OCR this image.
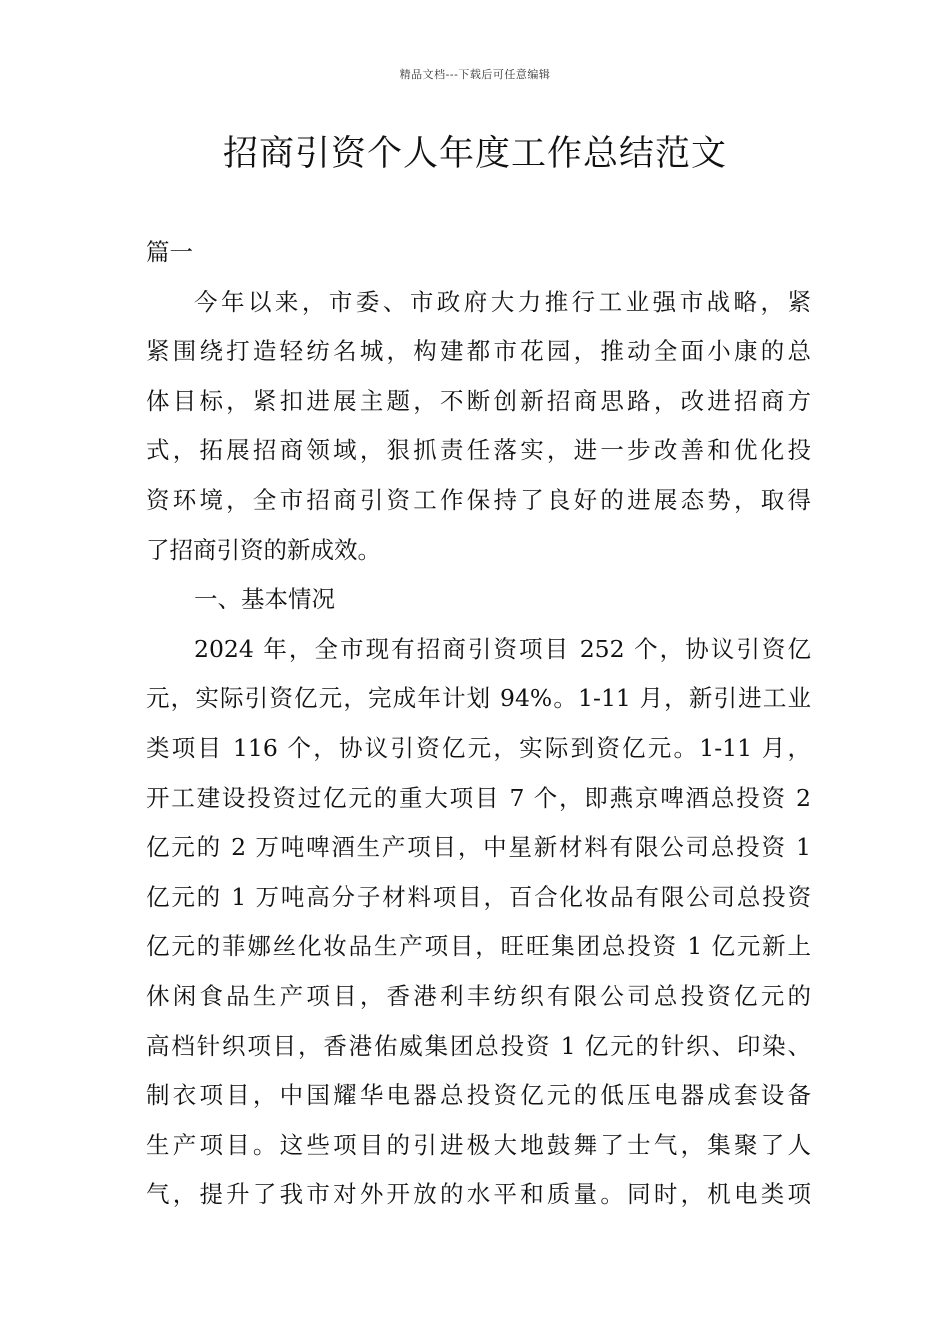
精品文档---下载后可任意编辑
招商引资个人年度工作总结范文
篇一
今年以来，市委、市政府大力推行工业强市战略，紧
紧围绕打造轻纺名城，构建都市花园，推动全面小康的总
体目标，紧扣进展主题，不断创新招商思路，改进招商方
式，拓展招商领域，狠抓责任落实，进一步改善和优化投
资环境，全市招商引资工作保持了良好的进展态势，取得
了招商引资的新成效。
一、基本情况
2024 年，全市现有招商引资项目 252 个，协议引资亿
元，实际引资亿元，完成年计划 94%。1-11 月，新引进工业
类项目 116 个，协议引资亿元，实际到资亿元。1-11 月，
开工建设投资过亿元的重大项目 7 个，即燕京啤酒总投资 2
亿元的 2 万吨啤酒生产项目，中星新材料有限公司总投资 1
亿元的 1 万吨高分子材料项目，百合化妆品有限公司总投资
亿元的菲娜丝化妆品生产项目，旺旺集团总投资 1 亿元新上
休闲食品生产项目，香港利丰纺织有限公司总投资亿元的
高档针织项目，香港佑威集团总投资 1 亿元的针织、印染、
制衣项目，中国耀华电器总投资亿元的低压电器成套设备
生产项目。这些项目的引进极大地鼓舞了士气，集聚了人
气，提升了我市对外开放的水平和质量。同时，机电类项
